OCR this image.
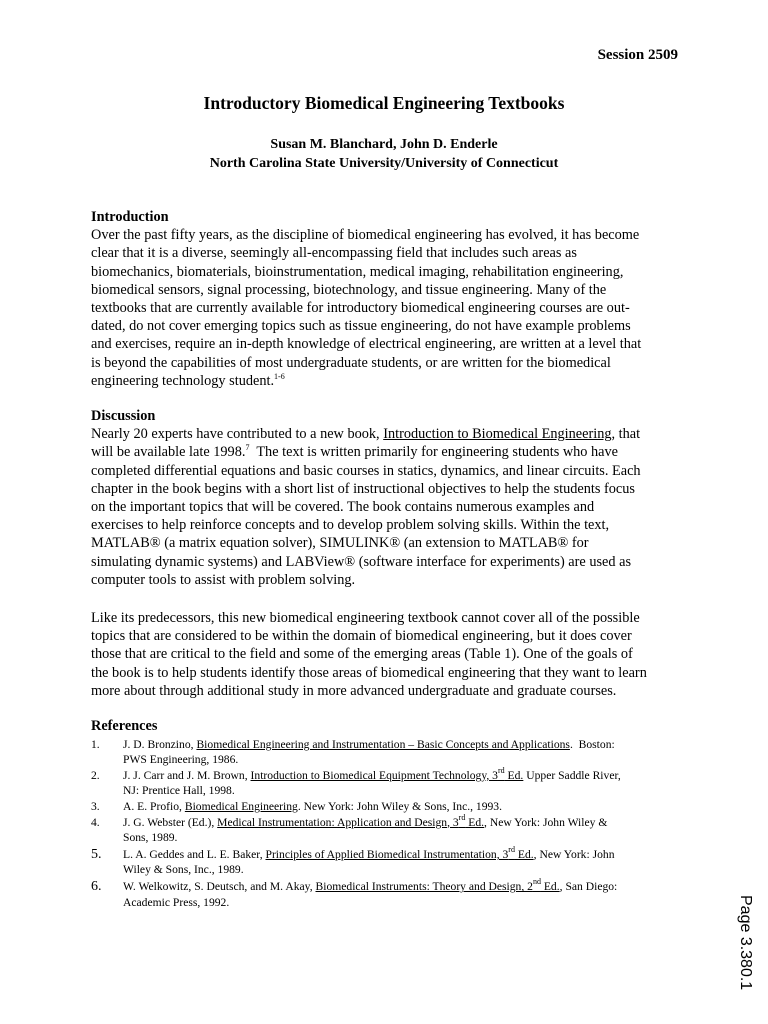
Session 2509
Introductory Biomedical Engineering Textbooks
Susan M. Blanchard, John D. Enderle
North Carolina State University/University of Connecticut
Introduction
Over the past fifty years, as the discipline of biomedical engineering has evolved, it has become
clear that it is a diverse, seemingly all-encompassing field that includes such areas as
biomechanics, biomaterials, bioinstrumentation, medical imaging, rehabilitation engineering,
biomedical sensors, signal processing, biotechnology, and tissue engineering. Many of the
textbooks that are currently available for introductory biomedical engineering courses are out-
dated, do not cover emerging topics such as tissue engineering, do not have example problems
and exercises, require an in-depth knowledge of electrical engineering, are written at a level that
is beyond the capabilities of most undergraduate students, or are written for the biomedical
engineering technology student.$^{1-6}$
Discussion
Nearly 20 experts have contributed to a new book, Introduction to Biomedical Engineering, that
will be available late 1998.$^7$  The text is written primarily for engineering students who have
completed differential equations and basic courses in statics, dynamics, and linear circuits. Each
chapter in the book begins with a short list of instructional objectives to help the students focus
on the important topics that will be covered. The book contains numerous examples and
exercises to help reinforce concepts and to develop problem solving skills. Within the text,
MATLAB® (a matrix equation solver), SIMULINK® (an extension to MATLAB® for
simulating dynamic systems) and LABView® (software interface for experiments) are used as
computer tools to assist with problem solving.
Like its predecessors, this new biomedical engineering textbook cannot cover all of the possible
topics that are considered to be within the domain of biomedical engineering, but it does cover
those that are critical to the field and some of the emerging areas (Table 1). One of the goals of
the book is to help students identify those areas of biomedical engineering that they want to learn
more about through additional study in more advanced undergraduate and graduate courses.
References
1. J. D. Bronzino, Biomedical Engineering and Instrumentation – Basic Concepts and Applications.  Boston:
PWS Engineering, 1986.
2. J. J. Carr and J. M. Brown, Introduction to Biomedical Equipment Technology, 3rd Ed. Upper Saddle River,
NJ: Prentice Hall, 1998.
3. A. E. Profio, Biomedical Engineering. New York: John Wiley & Sons, Inc., 1993.
4. J. G. Webster (Ed.), Medical Instrumentation: Application and Design, 3rd Ed., New York: John Wiley &
Sons, 1989.
5. L. A. Geddes and L. E. Baker, Principles of Applied Biomedical Instrumentation, 3rd Ed., New York: John
Wiley & Sons, Inc., 1989.
6. W. Welkowitz, S. Deutsch, and M. Akay, Biomedical Instruments: Theory and Design, 2nd Ed., San Diego:
Academic Press, 1992.	Page 3.380.1
